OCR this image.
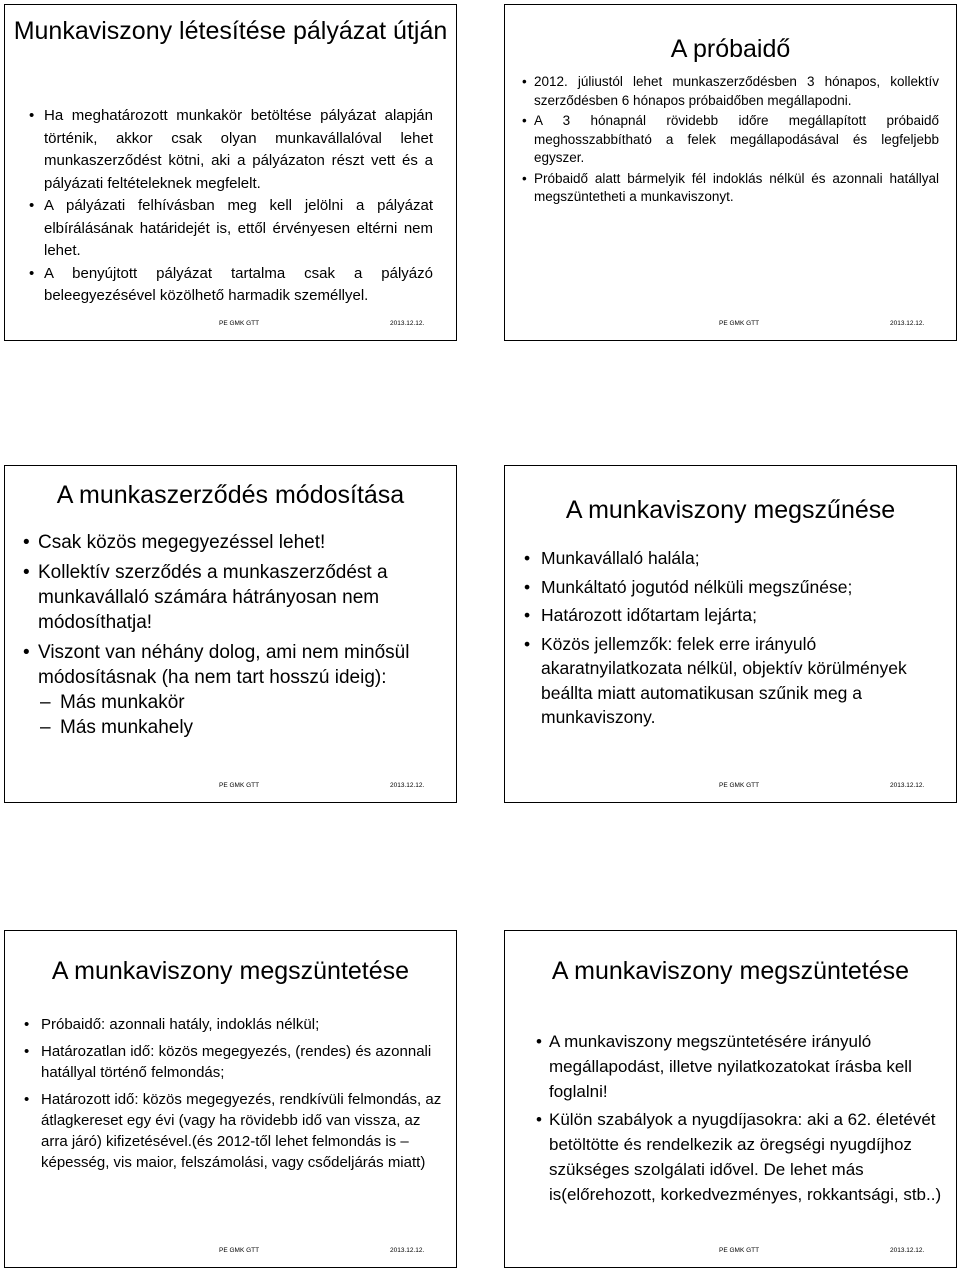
Munkaviszony létesítése pályázat útján
• Ha meghatározott munkakör betöltése pályázat alapján történik, akkor csak olyan munkavállalóval lehet munkaszerződést kötni, aki a pályázaton részt vett és a pályázati feltételeknek megfelelt.
• A pályázati felhívásban meg kell jelölni a pályázat elbírálásának határidejét is, ettől érvényesen eltérni nem lehet.
• A benyújtott pályázat tartalma csak a pályázó beleegyezésével közölhető harmadik személlyel.
PE GMK GTT	2013.12.12.
A próbaidő
• 2012. júliustól lehet munkaszerződésben 3 hónapos, kollektív szerződésben 6 hónapos próbaidőben megállapodni.
• A 3 hónapnál rövidebb időre megállapított próbaidő meghosszabbítható a felek megállapodásával és legfeljebb egyszer.
• Próbaidő alatt bármelyik fél indoklás nélkül és azonnali hatállyal megszüntetheti a munkaviszonyt.
PE GMK GTT	2013.12.12.
A munkaszerződés módosítása
• Csak közös megegyezéssel lehet!
• Kollektív szerződés a munkaszerződést a munkavállaló számára hátrányosan nem módosíthatja!
• Viszont van néhány dolog, ami nem minősül módosításnak (ha nem tart hosszú ideig):
– Más munkakör
– Más munkahely
PE GMK GTT	2013.12.12.
A munkaviszony megszűnése
• Munkavállaló halála;
• Munkáltató jogutód nélküli megszűnése;
• Határozott időtartam lejárta;
• Közös jellemzők: felek erre irányuló akaratnyilatkozata nélkül, objektív körülmények beállta miatt automatikusan szűnik meg a munkaviszony.
PE GMK GTT	2013.12.12.
A munkaviszony megszüntetése
• Próbaidő: azonnali hatály, indoklás nélkül;
• Határozatlan idő: közös megegyezés, (rendes) és azonnali hatállyal történő felmondás;
• Határozott idő: közös megegyezés, rendkívüli felmondás, az átlagkereset egy évi (vagy ha rövidebb idő van vissza, az arra járó) kifizetésével.(és 2012-től lehet felmondás is – képesség, vis maior, felszámolási, vagy csődeljárás miatt)
PE GMK GTT	2013.12.12.
A munkaviszony megszüntetése
• A munkaviszony megszüntetésére irányuló megállapodást, illetve nyilatkozatokat írásba kell foglalni!
• Külön szabályok a nyugdíjasokra: aki a 62. életévét betöltötte és rendelkezik az öregségi nyugdíjhoz szükséges szolgálati idővel. De lehet más is(előrehozott, korkedvezményes, rokkantsági, stb..)
PE GMK GTT	2013.12.12.
